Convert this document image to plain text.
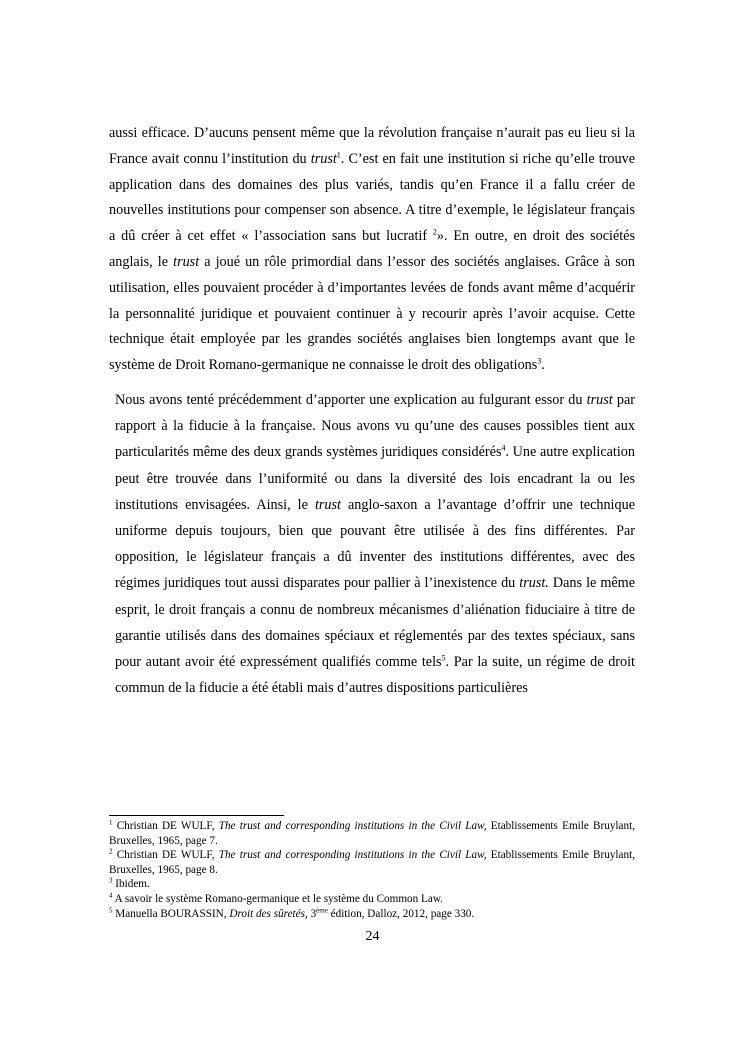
aussi efficace. D’aucuns pensent même que la révolution française n’aurait pas eu lieu si la France avait connu l’institution du trust$^1$. C’est en fait une institution si riche qu’elle trouve application dans des domaines des plus variés, tandis qu’en France il a fallu créer de nouvelles institutions pour compenser son absence. A titre d’exemple, le législateur français a dû créer à cet effet « l’association sans but lucratif $^2$». En outre, en droit des sociétés anglais, le trust a joué un rôle primordial dans l’essor des sociétés anglaises. Grâce à son utilisation, elles pouvaient procéder à d’importantes levées de fonds avant même d’acquérir la personnalité juridique et pouvaient continuer à y recourir après l’avoir acquise. Cette technique était employée par les grandes sociétés anglaises bien longtemps avant que le système de Droit Romano-germanique ne connaisse le droit des obligations$^3$.

Nous avons tenté précédemment d’apporter une explication au fulgurant essor du trust par rapport à la fiducie à la française. Nous avons vu qu’une des causes possibles tient aux particularités même des deux grands systèmes juridiques considérés$^4$. Une autre explication peut être trouvée dans l’uniformité ou dans la diversité des lois encadrant la ou les institutions envisagées. Ainsi, le trust anglo-saxon a l’avantage d’offrir une technique uniforme depuis toujours, bien que pouvant être utilisée à des fins différentes. Par opposition, le législateur français a dû inventer des institutions différentes, avec des régimes juridiques tout aussi disparates pour pallier à l’inexistence du trust. Dans le même esprit, le droit français a connu de nombreux mécanismes d’aliénation fiduciaire à titre de garantie utilisés dans des domaines spéciaux et réglementés par des textes spéciaux, sans pour autant avoir été expressément qualifiés comme tels$^5$. Par la suite, un régime de droit commun de la fiducie a été établi mais d’autres dispositions particulières

$^1$ Christian DE WULF, The trust and corresponding institutions in the Civil Law, Etablissements Emile Bruylant, Bruxelles, 1965, page 7.

$^2$ Christian DE WULF, The trust and corresponding institutions in the Civil Law, Etablissements Emile Bruylant, Bruxelles, 1965, page 8.

$^3$ Ibidem.

$^4$ A savoir le système Romano-germanique et le système du Common Law.

$^5$ Manuella BOURASSIN, Droit des sûretés, 3ème édition, Dalloz, 2012, page 330.

24
